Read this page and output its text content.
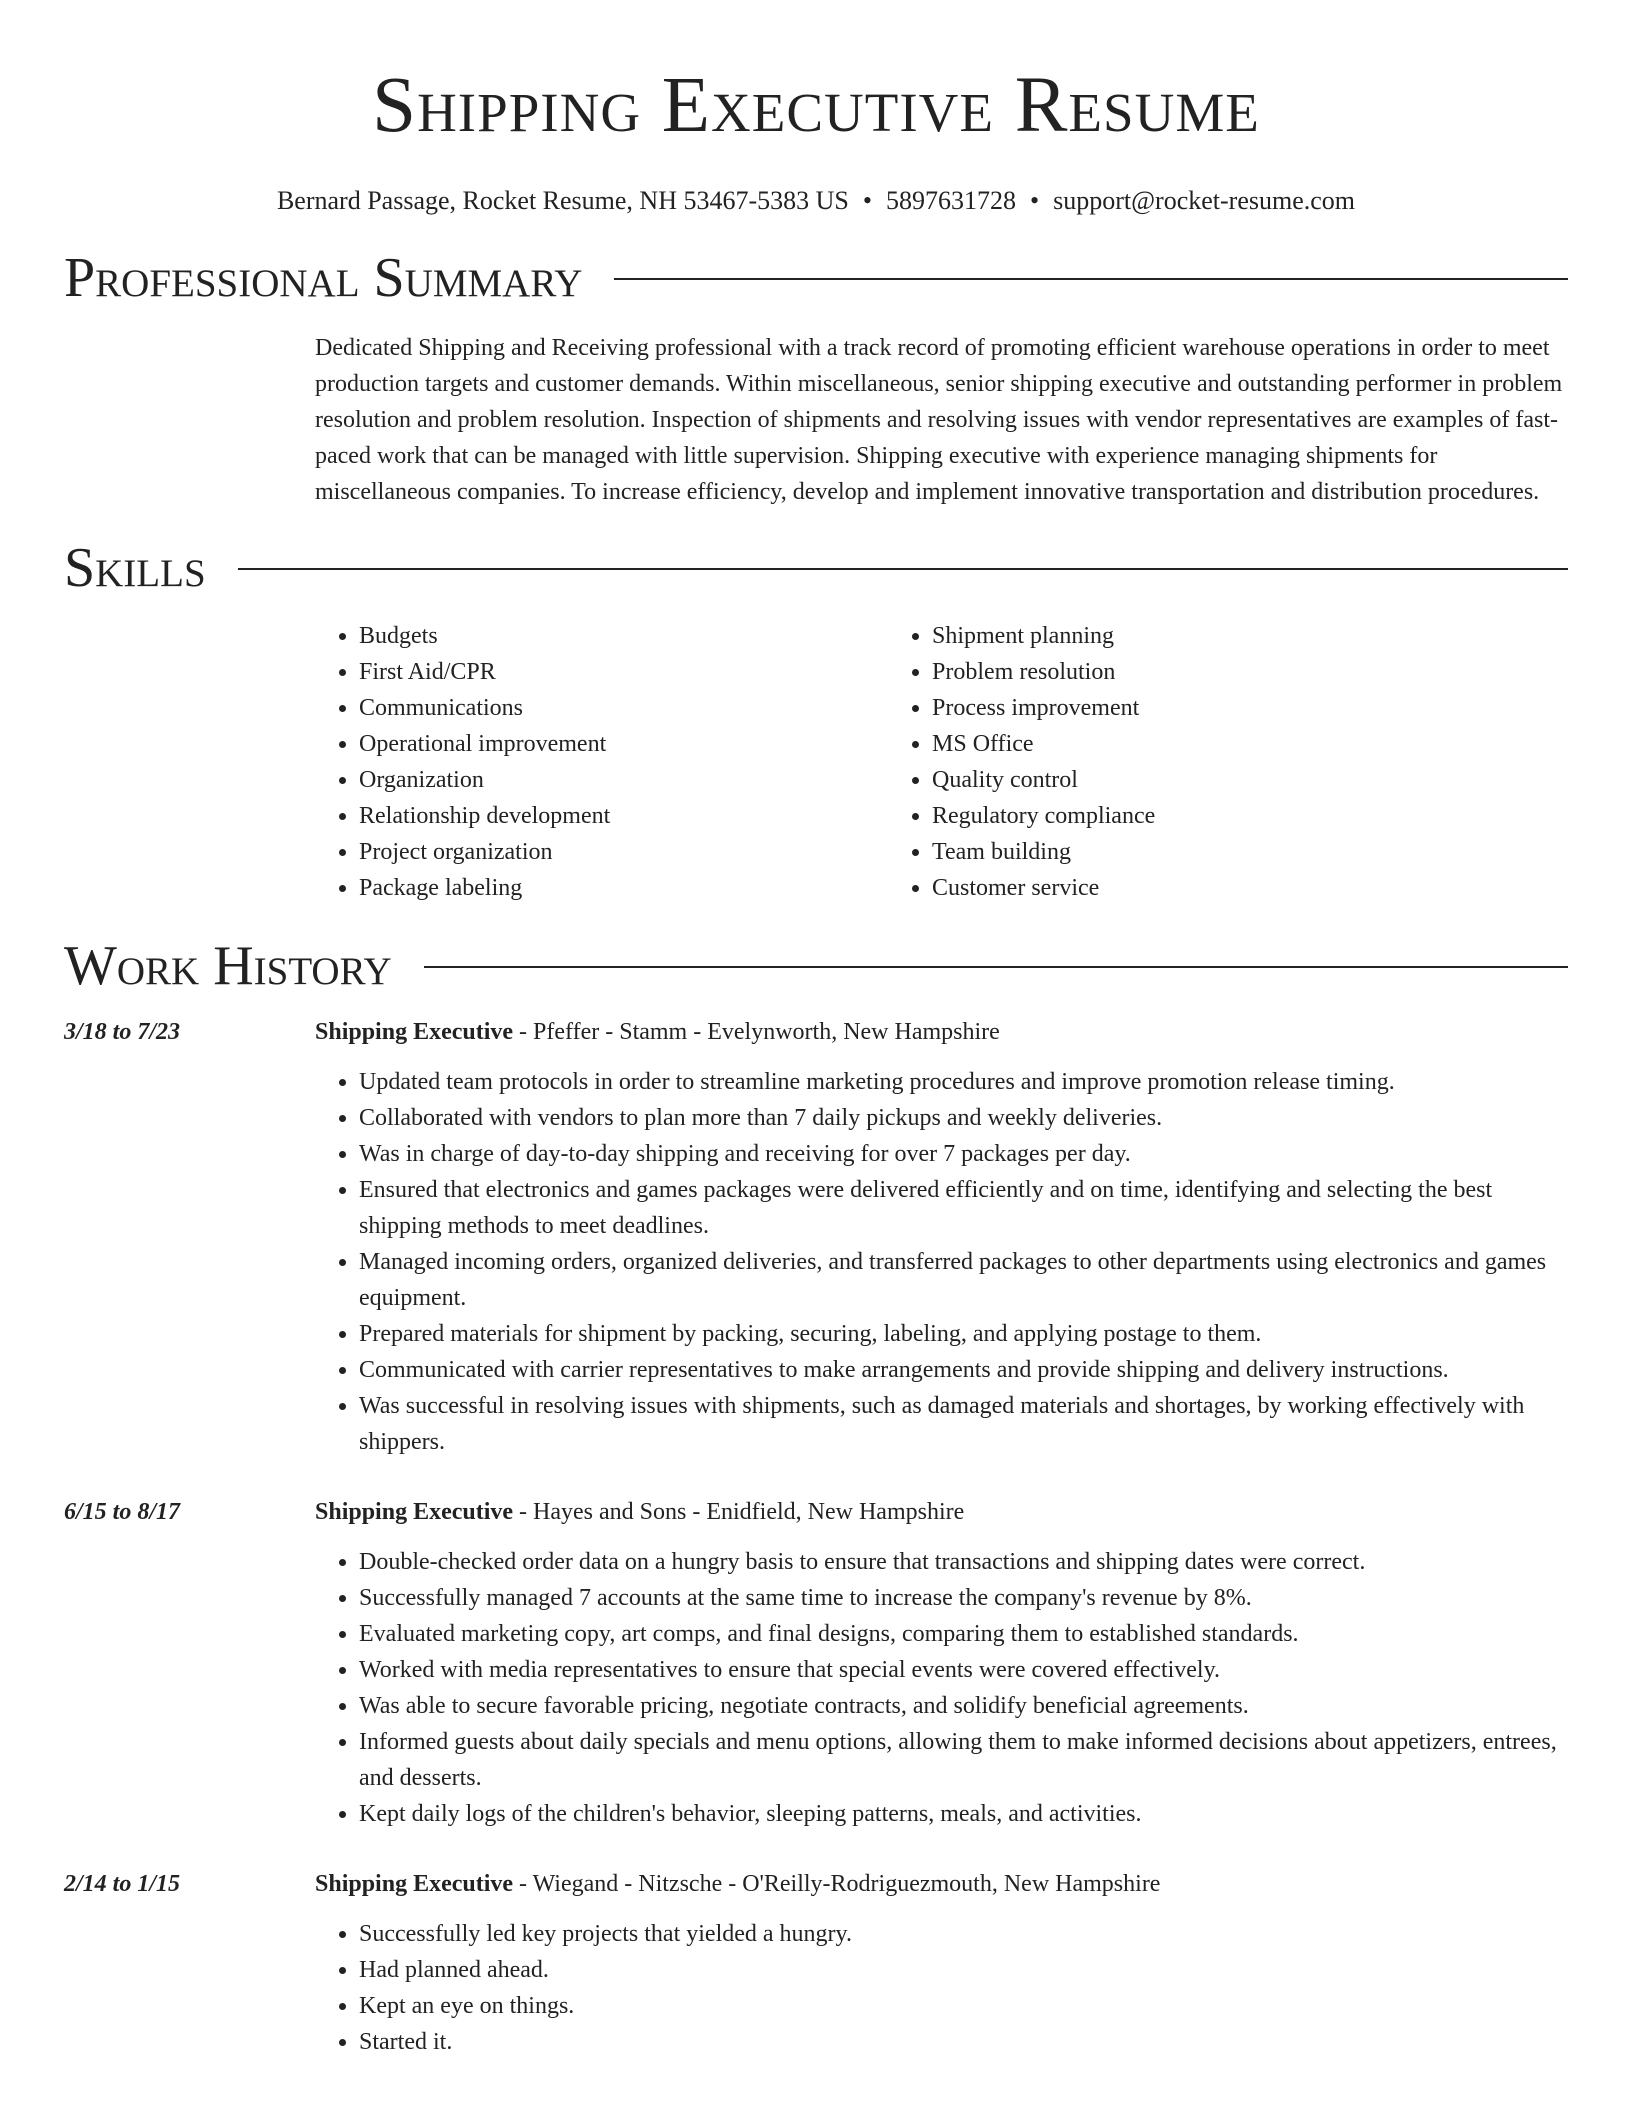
Shipping Executive Resume
Bernard Passage, Rocket Resume, NH 53467-5383 US • 5897631728 • support@rocket-resume.com
Professional Summary

Dedicated Shipping and Receiving professional with a track record of promoting efficient warehouse operations in order to meet production targets and customer demands. Within miscellaneous, senior shipping executive and outstanding performer in problem resolution and problem resolution. Inspection of shipments and resolving issues with vendor representatives are examples of fast-paced work that can be managed with little supervision. Shipping executive with experience managing shipments for miscellaneous companies. To increase efficiency, develop and implement innovative transportation and distribution procedures.

Skills
• Budgets
• First Aid/CPR
• Communications
• Operational improvement
• Organization
• Relationship development
• Project organization
• Package labeling
• Shipment planning
• Problem resolution
• Process improvement
• MS Office
• Quality control
• Regulatory compliance
• Team building
• Customer service
Work History
3/18 to 7/23	Shipping Executive - Pfeffer - Stamm - Evelynworth, New Hampshire
• Updated team protocols in order to streamline marketing procedures and improve promotion release timing.
• Collaborated with vendors to plan more than 7 daily pickups and weekly deliveries.
• Was in charge of day-to-day shipping and receiving for over 7 packages per day.
• Ensured that electronics and games packages were delivered efficiently and on time, identifying and selecting the best shipping methods to meet deadlines.
• Managed incoming orders, organized deliveries, and transferred packages to other departments using electronics and games equipment.
• Prepared materials for shipment by packing, securing, labeling, and applying postage to them.
• Communicated with carrier representatives to make arrangements and provide shipping and delivery instructions.
• Was successful in resolving issues with shipments, such as damaged materials and shortages, by working effectively with shippers.
6/15 to 8/17	Shipping Executive - Hayes and Sons - Enidfield, New Hampshire
• Double-checked order data on a hungry basis to ensure that transactions and shipping dates were correct.
• Successfully managed 7 accounts at the same time to increase the company's revenue by 8%.
• Evaluated marketing copy, art comps, and final designs, comparing them to established standards.
• Worked with media representatives to ensure that special events were covered effectively.
• Was able to secure favorable pricing, negotiate contracts, and solidify beneficial agreements.
• Informed guests about daily specials and menu options, allowing them to make informed decisions about appetizers, entrees, and desserts.
• Kept daily logs of the children's behavior, sleeping patterns, meals, and activities.
2/14 to 1/15	Shipping Executive - Wiegand - Nitzsche - O'Reilly-Rodriguezmouth, New Hampshire
• Successfully led key projects that yielded a hungry.
• Had planned ahead.
• Kept an eye on things.
• Started it.
